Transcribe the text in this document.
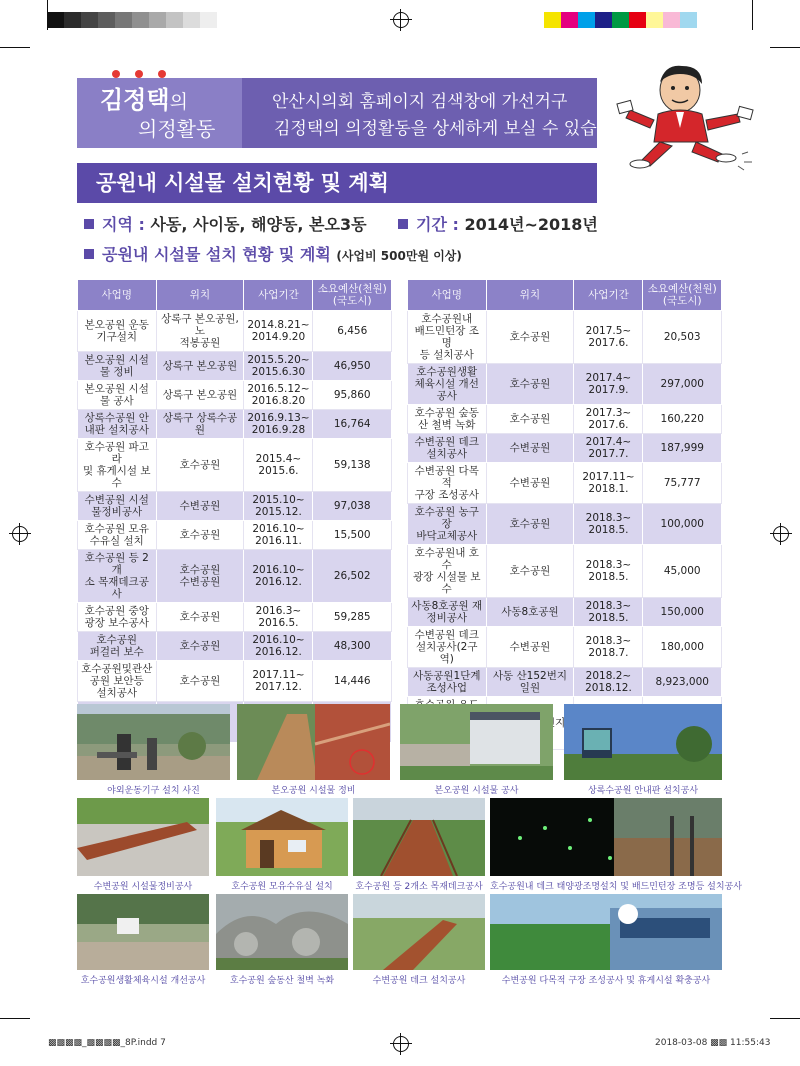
김정택의
의정활동
안산시의회 홈페이지 검색창에 가선거구
김정택의 의정활동을 상세하게 보실 수 있습니다.
공원내 시설물 설치현황 및 계획
지역 : 사동, 사이동, 해양동, 본오3동	기간 : 2014년~2018년
공원내 시설물 설치 현황 및 계획 (사업비 500만원 이상)
사업명	위치	사업기간	소요예산(천원)
(국도시)
본오공원 운동
기구설치	상록구 본오공원,노
적봉공원	2014.8.21~
2014.9.20	6,456
본오공원 시설
물 정비	상록구 본오공원	2015.5.20~
2015.6.30	46,950
본오공원 시설
물 공사	상록구 본오공원	2016.5.12~
2016.8.20	95,860
상록수공원 안
내판 설치공사	상록구 상록수공원	2016.9.13~
2016.9.28	16,764
호수공원 파고라
및 휴게시설 보수	호수공원	2015.4~
2015.6.	59,138
수변공원 시설
물정비공사	수변공원	2015.10~
2015.12.	97,038
호수공원 모유
수유실 설치	호수공원	2016.10~
2016.11.	15,500
호수공원 등 2개
소 목재데크공사	호수공원
수변공원	2016.10~
2016.12.	26,502
호수공원 중앙
광장 보수공사	호수공원	2016.3~
2016.5.	59,285
호수공원
퍼걸러 보수	호수공원	2016.10~
2016.12.	48,300
호수공원및관산
공원 보안등
설치공사	호수공원	2017.11~
2017.12.	14,446

사업명	위치	사업기간	소요예산(천원)
(국도시)
호수공원내
배드민턴장 조명
등 설치공사	호수공원	2017.5~
2017.6.	20,503
호수공원생활
체육시설 개선
공사	호수공원	2017.4~
2017.9.	297,000
호수공원 숲동
산 철벽 녹화	호수공원	2017.3~
2017.6.	160,220
수변공원 데크
설치공사	수변공원	2017.4~
2017.7.	187,999
수변공원 다목적
구장 조성공사	수변공원	2017.11~
2018.1.	75,777
호수공원 농구장
바닥교체공사	호수공원	2018.3~
2018.5.	100,000
호수공원내 호수
광장 시설물 보수	호수공원	2018.3~
2018.5.	45,000
사동8호공원 재
정비공사	사동8호공원	2018.3~
2018.5.	150,000
수변공원 데크
설치공사(2구역)	수변공원	2018.3~
2018.7.	180,000
사동공원1단계
조성사업	사동 산152번지 일원	2018.2~
2018.12.	8,923,000

야외운동기구 설치 사진	본오공원 시설물 정비	본오공원 시설물 공사	상록수공원 안내판 설치공사
수변공원 시설물정비공사	호수공원 모유수유실 설치	호수공원 등 2개소 목재데크공사 호수공원내 데크 태양광조명설치 및 배드민턴장 조명등 설치공사
호수공원생활체육시설 개선공사	호수공원 숲동산 철벽 녹화	수변공원 데크 설치공사	수변공원 다목적 구장 조성공사 및 휴게시설 확충공사
▩▩▩▩_▩▩▩▩_8P.indd 7	2018-03-08 ▩▩ 11:55:43
